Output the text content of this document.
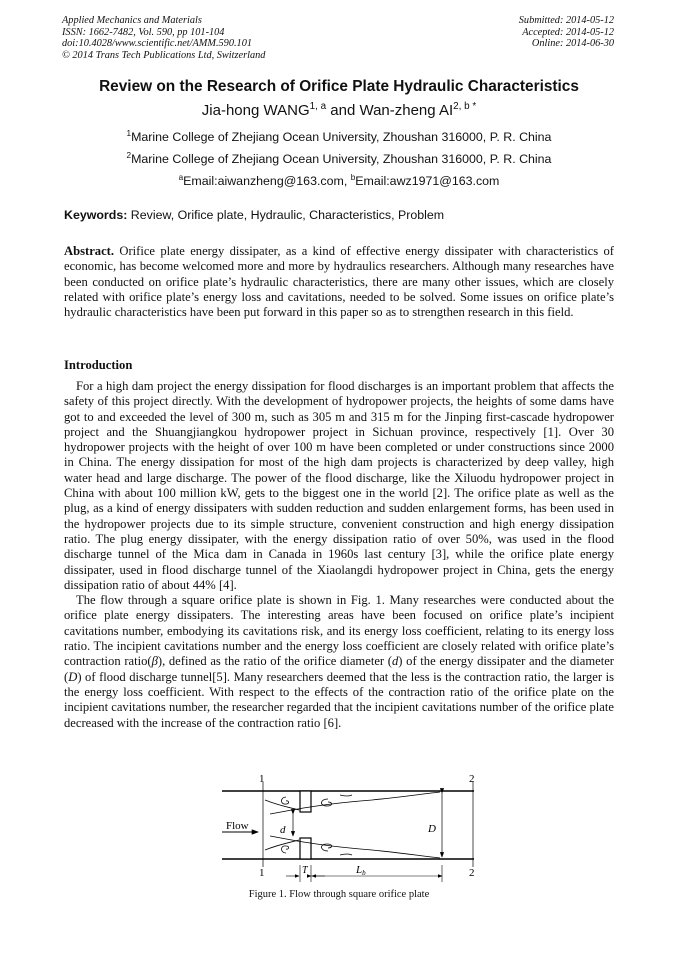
Applied Mechanics and Materials
ISSN: 1662-7482, Vol. 590, pp 101-104
doi:10.4028/www.scientific.net/AMM.590.101
© 2014 Trans Tech Publications Ltd, Switzerland
Submitted: 2014-05-12
Accepted: 2014-05-12
Online: 2014-06-30
Review on the Research of Orifice Plate Hydraulic Characteristics
Jia-hong WANG$^{1, a}$ and Wan-zheng $AI^{2, b *}$
$^1$Marine College of Zhejiang Ocean University, Zhoushan 316000, P. R. China
$^2$Marine College of Zhejiang Ocean University, Zhoushan 316000, P. R. China
$^a$Email:aiwanzheng@163.com, $^b$Email:awz1971@163.com
Keywords: Review, Orifice plate, Hydraulic, Characteristics, Problem

Abstract. Orifice plate energy dissipater, as a kind of effective energy dissipater with characteristics of economic, has become welcomed more and more by hydraulics researchers. Although many researches have been conducted on orifice plate’s hydraulic characteristics, there are many other issues, which are closely related with orifice plate’s energy loss and cavitations, needed to be solved. Some issues on orifice plate’s hydraulic characteristics have been put forward in this paper so as to strengthen research in this field.

Introduction

For a high dam project the energy dissipation for flood discharges is an important problem that affects the safety of this project directly. With the development of hydropower projects, the heights of some dams have got to and exceeded the level of 300 m, such as 305 m and 315 m for the Jinping first-cascade hydropower project and the Shuangjiangkou hydropower project in Sichuan province, respectively [1]. Over 30 hydropower projects with the height of over 100 m have been completed or under constructions since 2000 in China. The energy dissipation for most of the high dam projects is characterized by deep valley, high water head and large discharge. The power of the flood discharge, like the Xiluodu hydropower project in China with about 100 million kW, gets to the biggest one in the world [2]. The orifice plate as well as the plug, as a kind of energy dissipaters with sudden reduction and sudden enlargement forms, has been used in the hydropower projects due to its simple structure, convenient construction and high energy dissipation ratio. The plug energy dissipater, with the energy dissipation ratio of over 50%, was used in the flood discharge tunnel of the Mica dam in Canada in 1960s last century [3], while the orifice plate energy dissipater, used in flood discharge tunnel of the Xiaolangdi hydropower project in China, gets the energy dissipation ratio of about 44% [4].

The flow through a square orifice plate is shown in Fig. 1. Many researches were conducted about the orifice plate energy dissipaters. The interesting areas have been focused on orifice plate’s incipient cavitations number, embodying its cavitations risk, and its energy loss coefficient, relating to its energy loss ratio. The incipient cavitations number and the energy loss coefficient are closely related with orifice plate’s contraction ratio(β), defined as the ratio of the orifice diameter (d) of the energy dissipater and the diameter (D) of flood discharge tunnel[5]. Many researchers deemed that the less is the contraction ratio, the larger is the energy loss coefficient. With respect to the effects of the contraction ratio of the orifice plate on the incipient cavitations number, the researcher regarded that the incipient cavitations number of the orifice plate decreased with the increase of the contraction ratio [6].

1	2
1	2
Flow	d	D
T	Lb
Figure 1. Flow through square orifice plate
